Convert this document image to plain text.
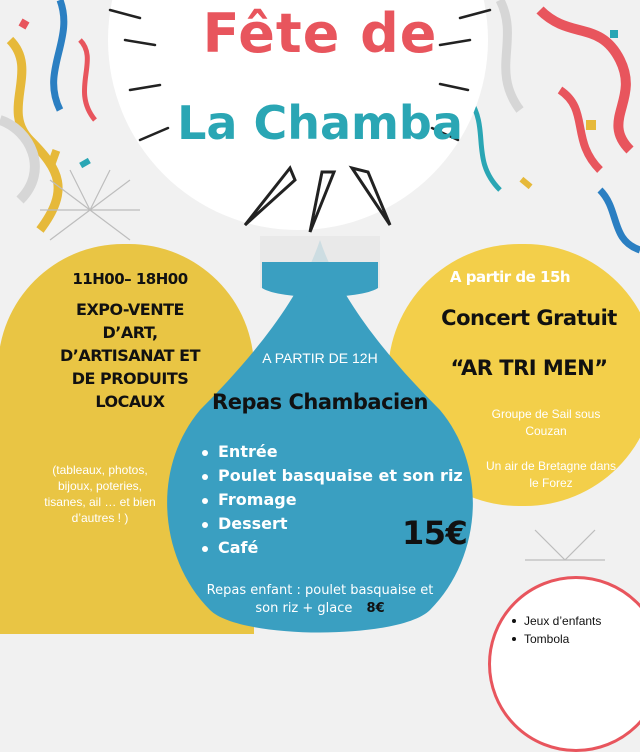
Fête de
La Chamba
11H00– 18H00
EXPO-VENTE
D’ART,
D’ARTISANAT ET
DE PRODUITS
LOCAUX
(tableaux, photos,
bijoux, poteries,
tisanes, ail … et bien
d’autres ! )
A PARTIR DE 12H
Repas Chambacien
Entrée
Poulet basquaise et son riz
Fromage
Dessert
Café	15€
Repas enfant : poulet basquaise et
son riz + glace 8€
A partir de 15h
Concert Gratuit
“AR TRI MEN”
Groupe de Sail sous
Couzan
Un air de Bretagne dans
le Forez
Jeux d’enfants
Tombola
